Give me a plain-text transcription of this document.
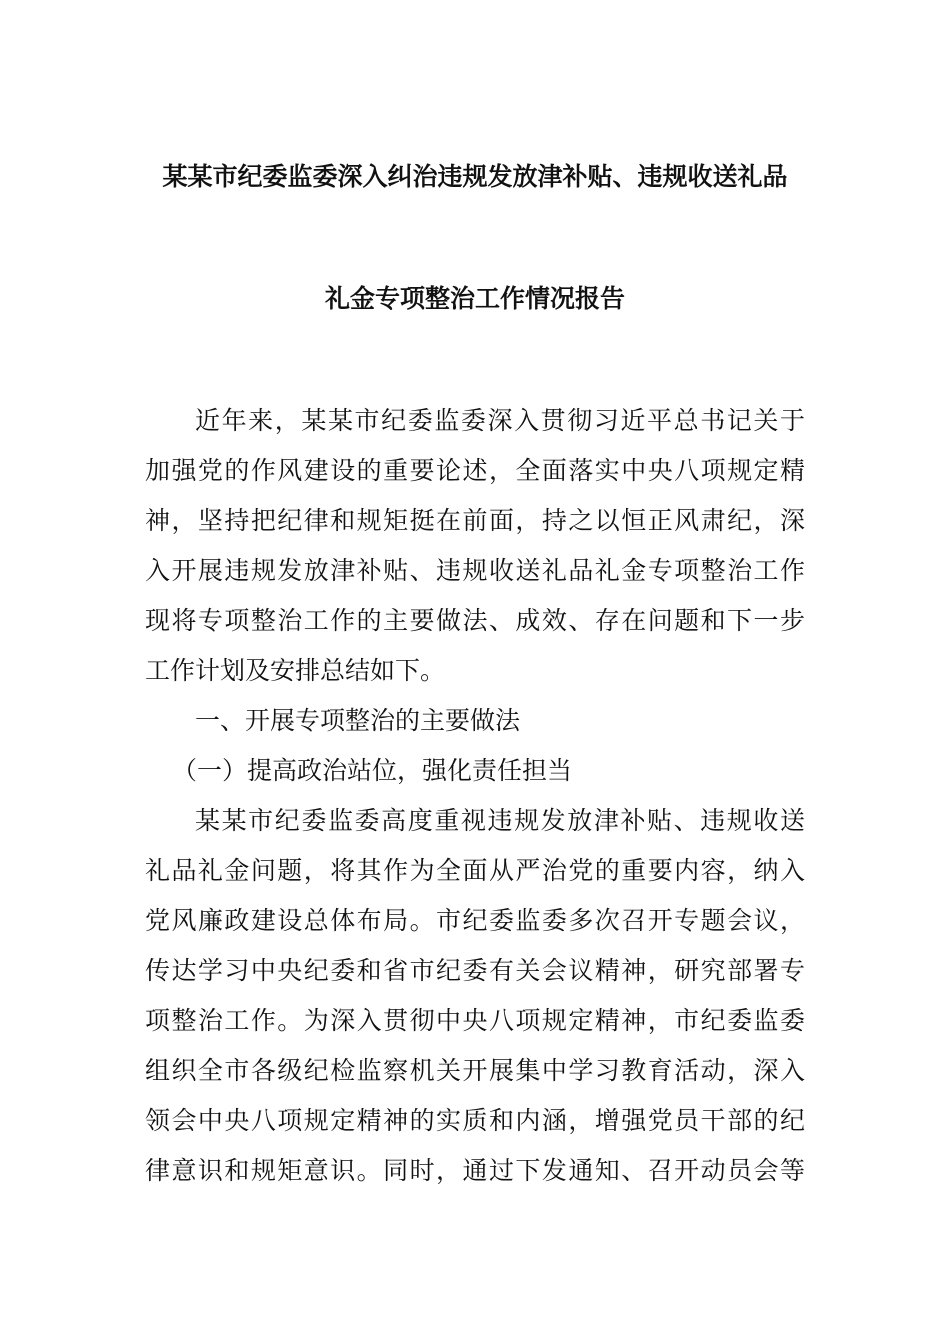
某某市纪委监委深入纠治违规发放津补贴、违规收送礼品
礼金专项整治工作情况报告
近年来，某某市纪委监委深入贯彻习近平总书记关于
加强党的作风建设的重要论述，全面落实中央八项规定精
神，坚持把纪律和规矩挺在前面，持之以恒正风肃纪，深
入开展违规发放津补贴、违规收送礼品礼金专项整治工作
现将专项整治工作的主要做法、成效、存在问题和下一步
工作计划及安排总结如下。
一、开展专项整治的主要做法
（一）提高政治站位，强化责任担当
某某市纪委监委高度重视违规发放津补贴、违规收送
礼品礼金问题，将其作为全面从严治党的重要内容，纳入
党风廉政建设总体布局。市纪委监委多次召开专题会议，
传达学习中央纪委和省市纪委有关会议精神，研究部署专
项整治工作。为深入贯彻中央八项规定精神，市纪委监委
组织全市各级纪检监察机关开展集中学习教育活动，深入
领会中央八项规定精神的实质和内涵，增强党员干部的纪
律意识和规矩意识。同时，通过下发通知、召开动员会等
